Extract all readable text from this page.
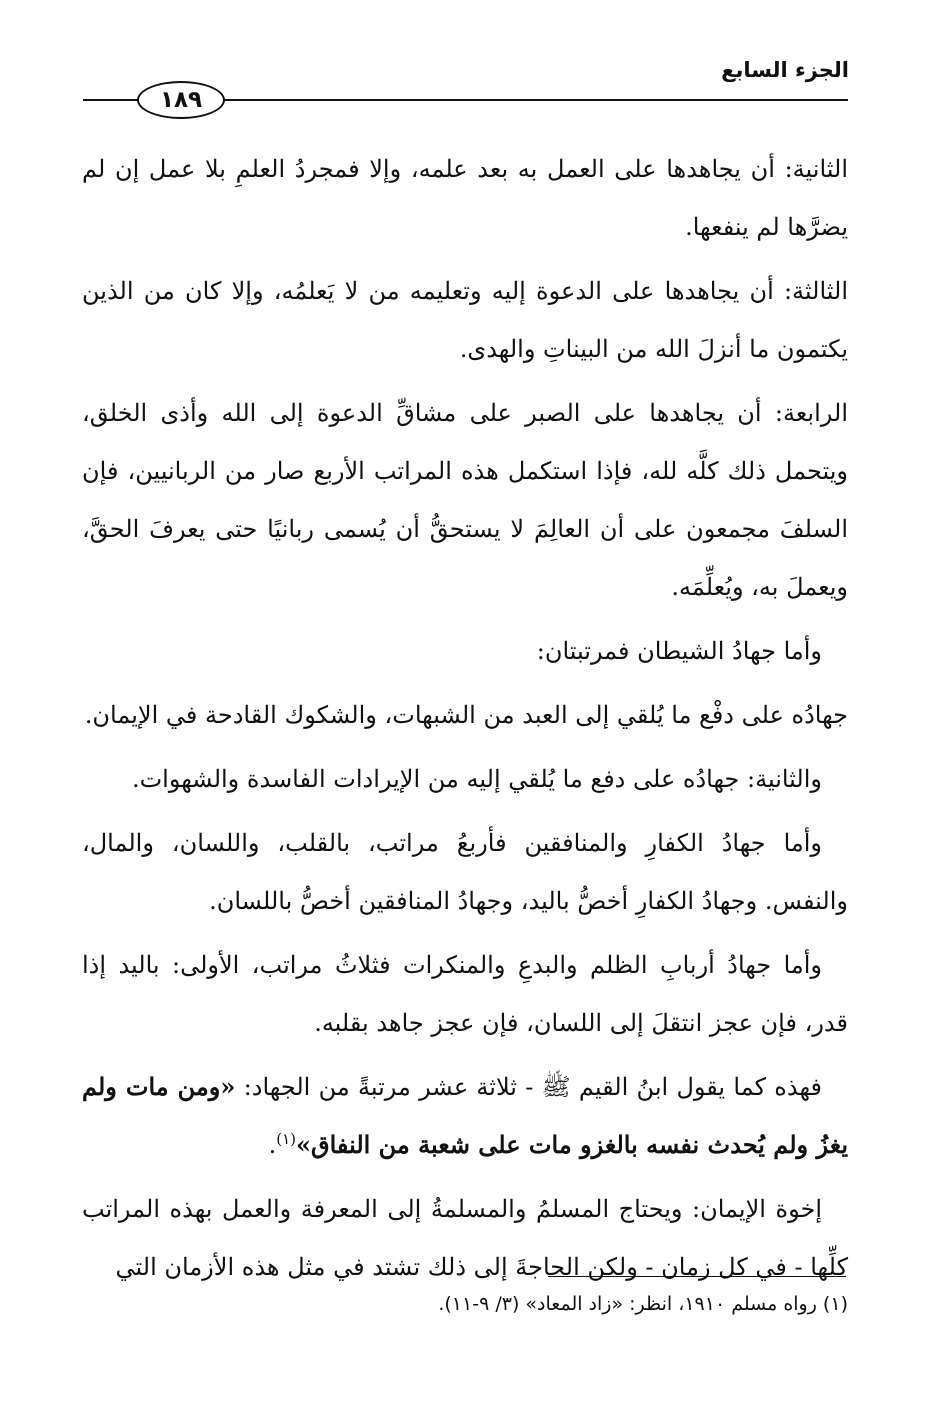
الجزء السابع
١٨٩

الثانية: أن يجاهدها على العمل به بعد علمه، وإلا فمجردُ العلمِ بلا عمل إن لم يضرَّها لم ينفعها.

الثالثة: أن يجاهدها على الدعوة إليه وتعليمه من لا يَعلمُه، وإلا كان من الذين يكتمون ما أنزلَ الله من البيناتِ والهدى.

الرابعة: أن يجاهدها على الصبر على مشاقِّ الدعوة إلى الله وأذى الخلق، ويتحمل ذلك كلَّه لله، فإذا استكمل هذه المراتب الأربع صار من الربانيين، فإن السلفَ مجمعون على أن العالِمَ لا يستحقُّ أن يُسمى ربانيًا حتى يعرفَ الحقَّ، ويعملَ به، ويُعلِّمَه.

وأما جهادُ الشيطان فمرتبتان:

جهادُه على دفْع ما يُلقي إلى العبد من الشبهات، والشكوك القادحة في الإيمان.

والثانية: جهادُه على دفع ما يُلقي إليه من الإيرادات الفاسدة والشهوات.

وأما جهادُ الكفارِ والمنافقين فأربعُ مراتب، بالقلب، واللسان، والمال، والنفس. وجهادُ الكفارِ أخصُّ باليد، وجهادُ المنافقين أخصُّ باللسان.

وأما جهادُ أربابِ الظلم والبدعِ والمنكرات فثلاثُ مراتب، الأولى: باليد إذا قدر، فإن عجز انتقلَ إلى اللسان، فإن عجز جاهد بقلبه.

فهذه كما يقول ابنُ القيم ﷺ - ثلاثة عشر مرتبةً من الجهاد: «ومن مات ولم يغزُ ولم يُحدث نفسه بالغزو مات على شعبة من النفاق»$^{(١)}$.

إخوة الإيمان: ويحتاج المسلمُ والمسلمةُ إلى المعرفة والعمل بهذه المراتب كلِّها - في كل زمان - ولكن الحاجةَ إلى ذلك تشتد في مثل هذه الأزمان التي

(١) رواه مسلم ١٩١٠، انظر: «زاد المعاد» (٣/ ٩-١١).
